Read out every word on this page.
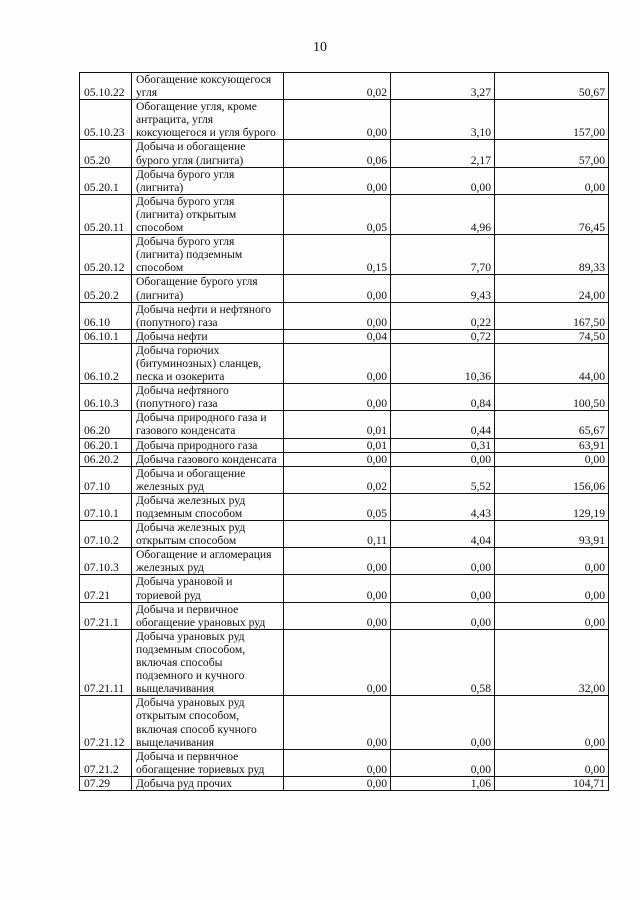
10
05.10.22	Обогащение коксующегося угля	0,02	3,27	50,67
05.10.23	Обогащение угля, кроме антрацита, угля коксующегося и угля бурого	0,00	3,10	157,00
05.20	Добыча и обогащение бурого угля (лигнита)	0,06	2,17	57,00
05.20.1	Добыча бурого угля (лигнита)	0,00	0,00	0,00
05.20.11	Добыча бурого угля (лигнита) открытым способом	0,05	4,96	76,45
05.20.12	Добыча бурого угля (лигнита) подземным способом	0,15	7,70	89,33
05.20.2	Обогащение бурого угля (лигнита)	0,00	9,43	24,00
06.10	Добыча нефти и нефтяного (попутного) газа	0,00	0,22	167,50
06.10.1	Добыча нефти	0,04	0,72	74,50
06.10.2	Добыча горючих (битуминозных) сланцев, песка и озокерита	0,00	10,36	44,00
06.10.3	Добыча нефтяного (попутного) газа	0,00	0,84	100,50
06.20	Добыча природного газа и газового конденсата	0,01	0,44	65,67
06.20.1	Добыча природного газа	0,01	0,31	63,91
06.20.2	Добыча газового конденсата	0,00	0,00	0,00
07.10	Добыча и обогащение железных руд	0,02	5,52	156,06
07.10.1	Добыча железных руд подземным способом	0,05	4,43	129,19
07.10.2	Добыча железных руд открытым способом	0,11	4,04	93,91
07.10.3	Обогащение и агломерация железных руд	0,00	0,00	0,00
07.21	Добыча урановой и ториевой руд	0,00	0,00	0,00
07.21.1	Добыча и первичное обогащение урановых руд	0,00	0,00	0,00
07.21.11	Добыча урановых руд подземным способом, включая способы подземного и кучного выщелачивания	0,00	0,58	32,00
07.21.12	Добыча урановых руд открытым способом, включая способ кучного выщелачивания	0,00	0,00	0,00
07.21.2	Добыча и первичное обогащение ториевых руд	0,00	0,00	0,00
07.29	Добыча руд прочих	0,00	1,06	104,71
